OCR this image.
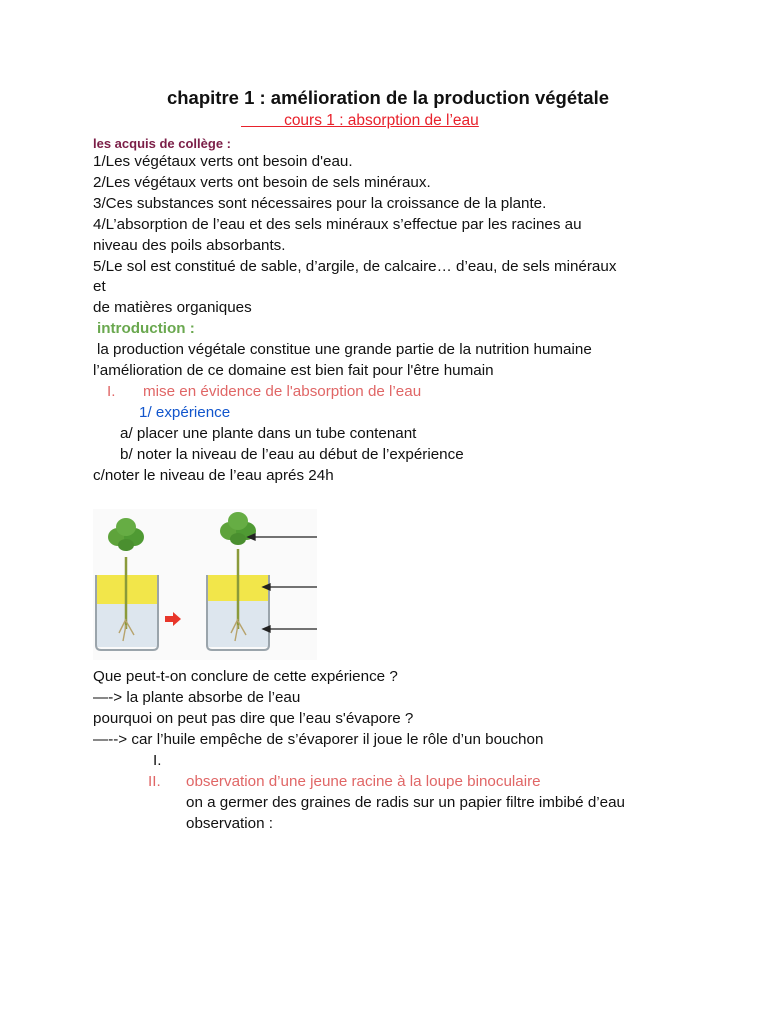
chapitre 1 : amélioration de la production végétale
cours 1 : absorption de l’eau
les acquis de collège :
1/Les végétaux verts ont besoin d'eau.
2/Les végétaux verts ont besoin de sels minéraux.
3/Ces substances sont nécessaires pour la croissance de la plante.
4/L’absorption de l’eau et des sels minéraux s’effectue par les racines au
niveau des poils absorbants.
5/Le sol est constitué de sable, d’argile, de calcaire… d’eau, de sels minéraux
et
de matières organiques
introduction :
la production végétale constitue une grande partie de la nutrition humaine
l’amélioration de ce domaine est bien fait pour l'être humain
I. mise en évidence de l'absorption de l’eau
1/ expérience
a/ placer une plante dans un tube contenant
b/ noter la niveau de l’eau au début de l’expérience
c/noter le niveau de l’eau aprés 24h
Que peut-t-on conclure de cette expérience ?
—-> la plante absorbe de l’eau
pourquoi on peut pas dire que l’eau s'évapore ?
—--> car l’huile empêche de s’évaporer il joue le rôle d’un bouchon
I.
II. observation d’une jeune racine à la loupe binoculaire
on a germer des graines de radis sur un papier filtre imbibé d’eau
observation :
